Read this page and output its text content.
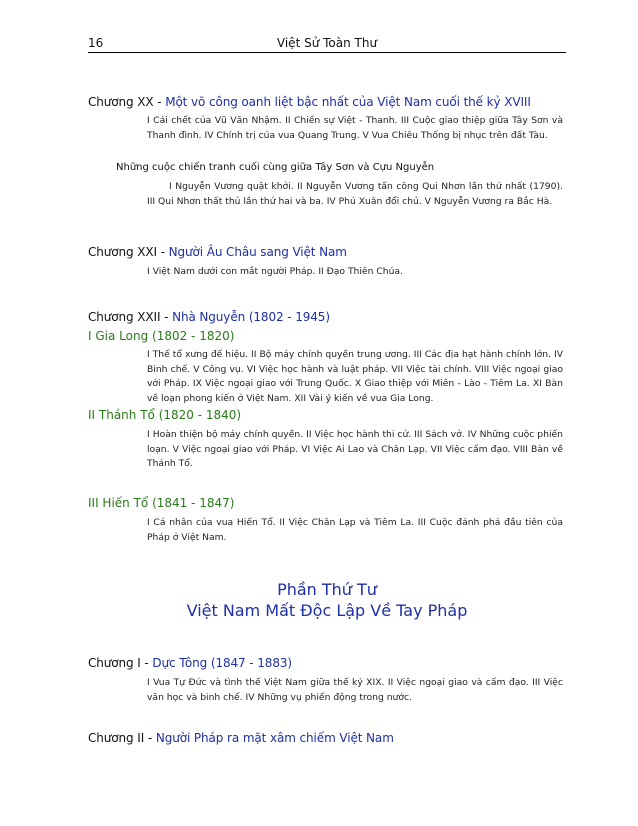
16	Việt Sử Toàn Thư
Chương XX - Một võ công oanh liệt bậc nhất của Việt Nam cuối thế kỷ XVIII
I Cái chết của Vũ Văn Nhậm. II Chiến sự Việt - Thanh. III Cuộc giao thiệp giữa Tây Sơn và Thanh đình. IV Chính trị của vua Quang Trung. V Vua Chiêu Thống bị nhục trên đất Tàu.
Những cuộc chiến tranh cuối cùng giữa Tây Sơn và Cựu Nguyễn
I Nguyễn Vương quật khởi. II Nguyễn Vương tấn công Qui Nhơn lần thứ nhất (1790). III Qui Nhơn thất thủ lần thứ hai và ba. IV Phú Xuân đổi chủ. V Nguyễn Vương ra Bắc Hà.
Chương XXI - Người Âu Châu sang Việt Nam
I Việt Nam dưới con mắt người Pháp. II Đạo Thiên Chúa.
Chương XXII - Nhà Nguyễn (1802 - 1945)
I Gia Long (1802 - 1820)
I Thế tổ xưng đế hiệu. II Bộ máy chính quyền trung ương. III Các địa hạt hành chính lớn. IV Binh chế. V Công vụ. VI Việc học hành và luật pháp. VII Việc tài chính. VIII Việc ngoại giao với Pháp. IX Việc ngoại giao với Trung Quốc. X Giao thiệp với Miên - Lào - Tiêm La. XI Bàn về loạn phong kiến ở Việt Nam. XII Vài ý kiến về vua Gia Long.
II Thánh Tổ (1820 - 1840)
I Hoàn thiện bộ máy chính quyền. II Việc học hành thi cử. III Sách vở. IV Những cuộc phiến loạn. V Việc ngoại giao với Pháp. VI Việc Ai Lao và Chân Lạp. VII Việc cấm đạo. VIII Bàn về Thánh Tổ.
III Hiến Tổ (1841 - 1847)
I Cá nhân của vua Hiến Tổ. II Việc Chân Lạp và Tiêm La. III Cuộc đánh phá đầu tiên của Pháp ở Việt Nam.
Phần Thứ Tư
Việt Nam Mất Độc Lập Về Tay Pháp
Chương I - Dực Tông (1847 - 1883)
I Vua Tự Đức và tình thế Việt Nam giữa thế kỷ XIX. II Việc ngoại giao và cấm đạo. III Việc văn học và binh chế. IV Những vụ phiến động trong nước.
Chương II - Người Pháp ra mặt xâm chiếm Việt Nam
